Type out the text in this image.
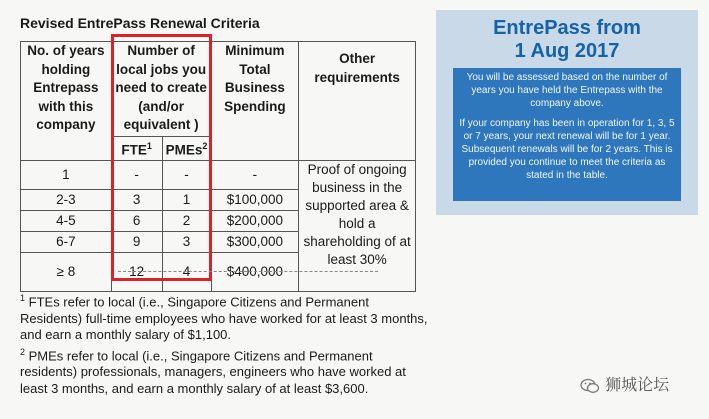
Revised EntrePass Renewal Criteria
No. of years holding Entrepass with this company	Number of local jobs you need to create (and/or equivalent )		Minimum Total Business Spending	Other requirements
	FTE$^1$	PMEs$^2$
1	-	-	-	Proof of ongoing business in the supported area & hold a shareholding of at least 30%
2-3	3	1	$100,000	
4-5	6	2	$200,000	
6-7	9	3	$300,000	
≥ 8	12	4	$400,000	

$^1$ FTEs refer to local (i.e., Singapore Citizens and Permanent Residents) full-time employees who have worked for at least 3 months, and earn a monthly salary of $1,100.

$^2$ PMEs refer to local (i.e., Singapore Citizens and Permanent residents) professionals, managers, engineers who have worked at least 3 months, and earn a monthly salary of at least $3,600.

EntrePass from
1 Aug 2017

You will be assessed based on the number of years you have held the Entrepass with the company above.

If your company has been in operation for 1, 3, 5 or 7 years, your next renewal will be for 1 year. Subsequent renewals will be for 2 years. This is provided you continue to meet the criteria as stated in the table.

狮城论坛
